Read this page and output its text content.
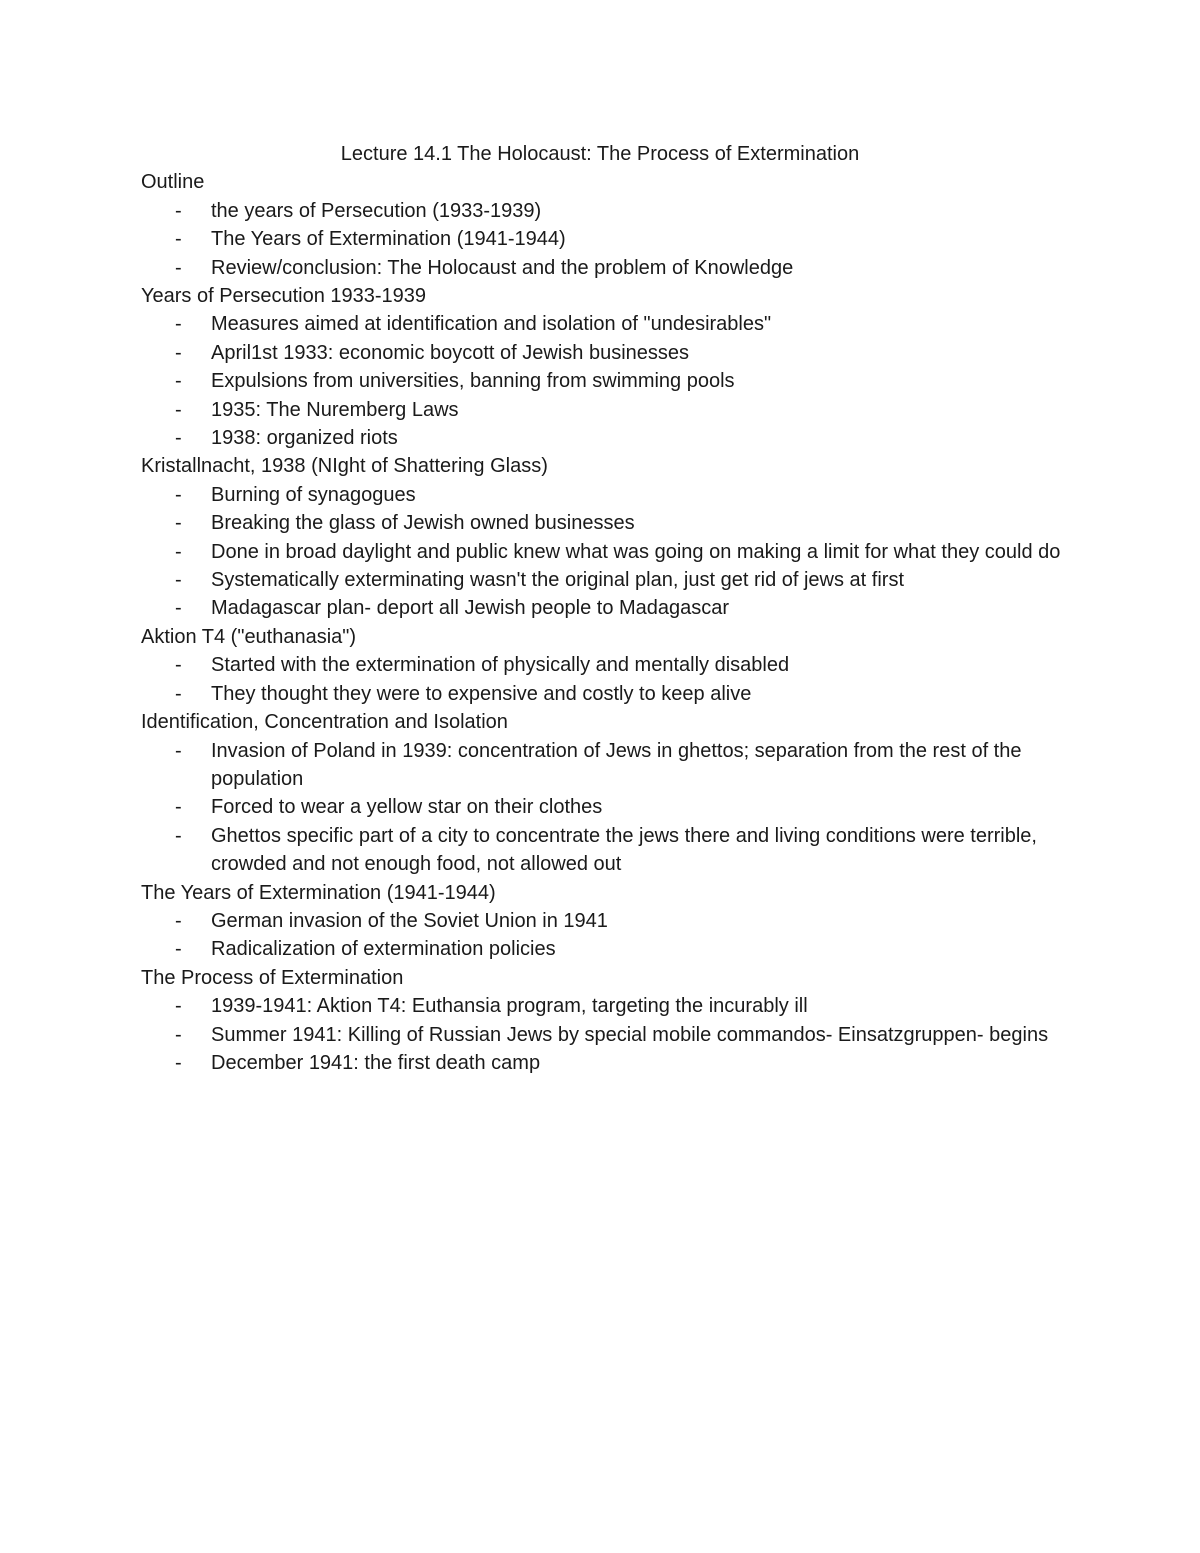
Lecture 14.1 The Holocaust: The Process of Extermination
Outline
- the years of Persecution (1933-1939)
- The Years of Extermination (1941-1944)
- Review/conclusion: The Holocaust and the problem of Knowledge
Years of Persecution 1933-1939
- Measures aimed at identification and isolation of "undesirables"
- April1st 1933: economic boycott of Jewish businesses
- Expulsions from universities, banning from swimming pools
- 1935: The Nuremberg Laws
- 1938: organized riots
Kristallnacht, 1938 (NIght of Shattering Glass)
- Burning of synagogues
- Breaking the glass of Jewish owned businesses
- Done in broad daylight and public knew what was going on making a limit for what they could do
- Systematically exterminating wasn't the original plan, just get rid of jews at first
- Madagascar plan- deport all Jewish people to Madagascar
Aktion T4 ("euthanasia")
- Started with the extermination of physically and mentally disabled
- They thought they were to expensive and costly to keep alive
Identification, Concentration and Isolation
- Invasion of Poland in 1939: concentration of Jews in ghettos; separation from the rest of the population
- Forced to wear a yellow star on their clothes
- Ghettos specific part of a city to concentrate the jews there and living conditions were terrible, crowded and not enough food, not allowed out
The Years of Extermination (1941-1944)
- German invasion of the Soviet Union in 1941
- Radicalization of extermination policies
The Process of Extermination
- 1939-1941: Aktion T4: Euthansia program, targeting the incurably ill
- Summer 1941: Killing of Russian Jews by special mobile commandos- Einsatzgruppen- begins
- December 1941: the first death camp
